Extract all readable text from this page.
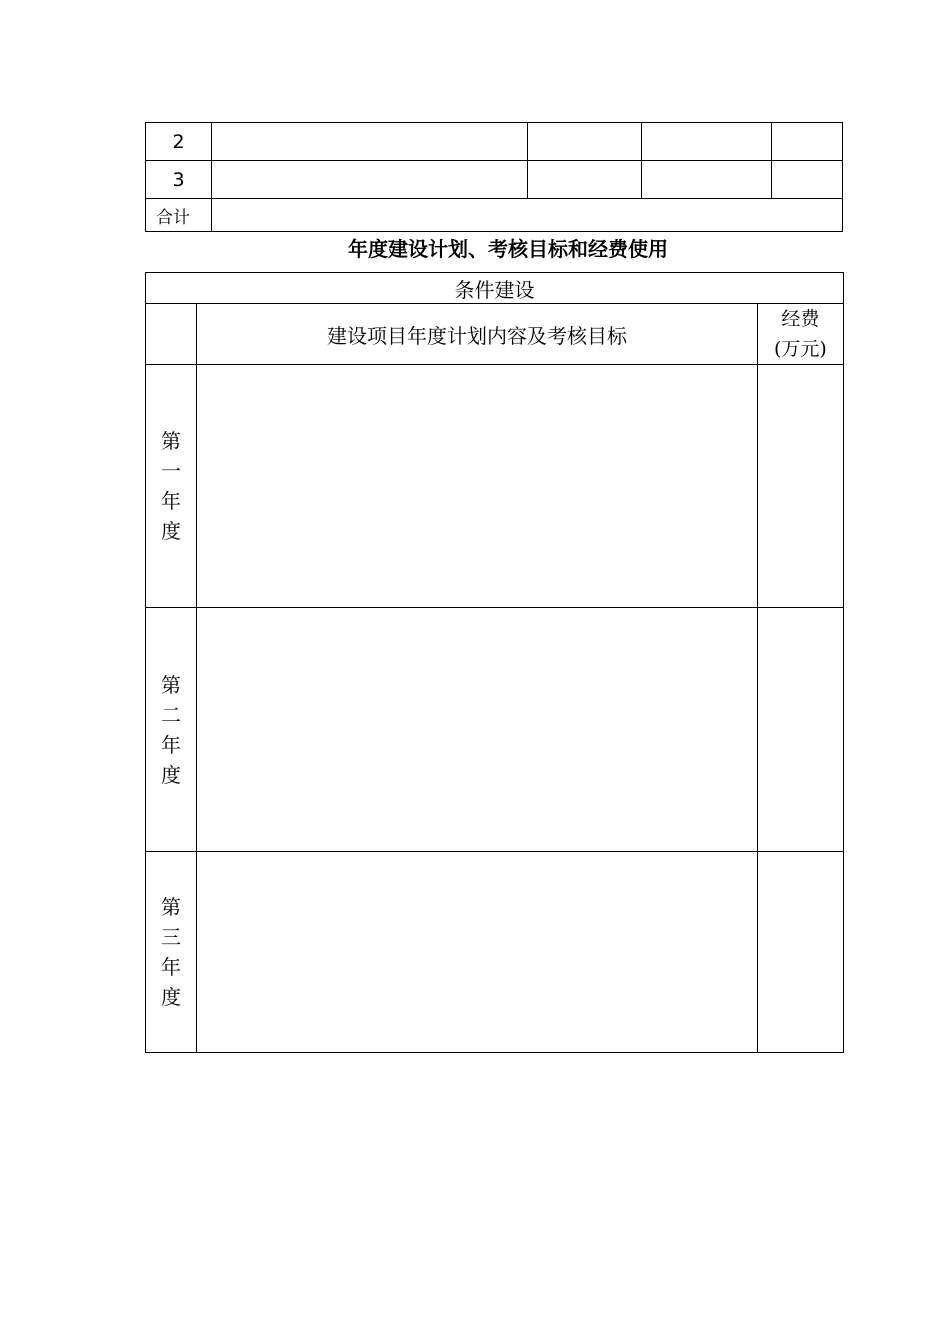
2				
3				
合计				
年度建设计划、考核目标和经费使用
条件建设		
	建设项目年度计划内容及考核目标	经费
(万元)

第
一
年
度		

第
二
年
度		

第
三
年
度		
